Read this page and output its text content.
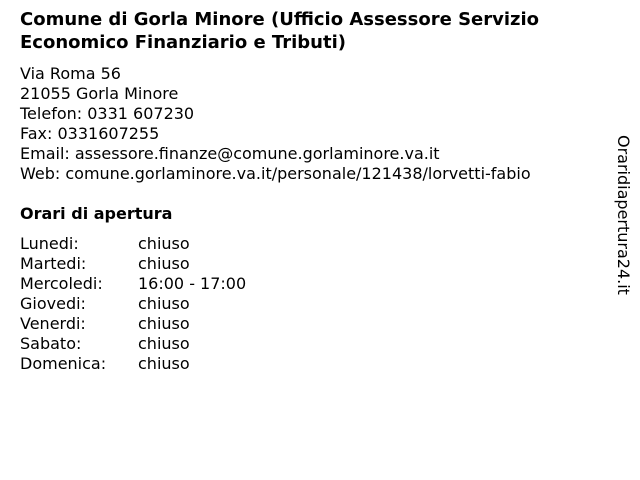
Comune di Gorla Minore (Ufficio Assessore Servizio Economico Finanziario e Tributi)
Via Roma 56
21055 Gorla Minore
Telefon: 0331 607230
Fax: 0331607255
Email: assessore.finanze@comune.gorlaminore.va.it
Web: comune.gorlaminore.va.it/personale/121438/lorvetti-fabio
Orari di apertura
Lunedi:	chiuso
Martedi:	chiuso
Mercoledi: 16:00 - 17:00
Giovedi:	chiuso
Venerdi:	chiuso
Sabato:	chiuso
Domenica: chiuso
Oraridiapertura24.it
